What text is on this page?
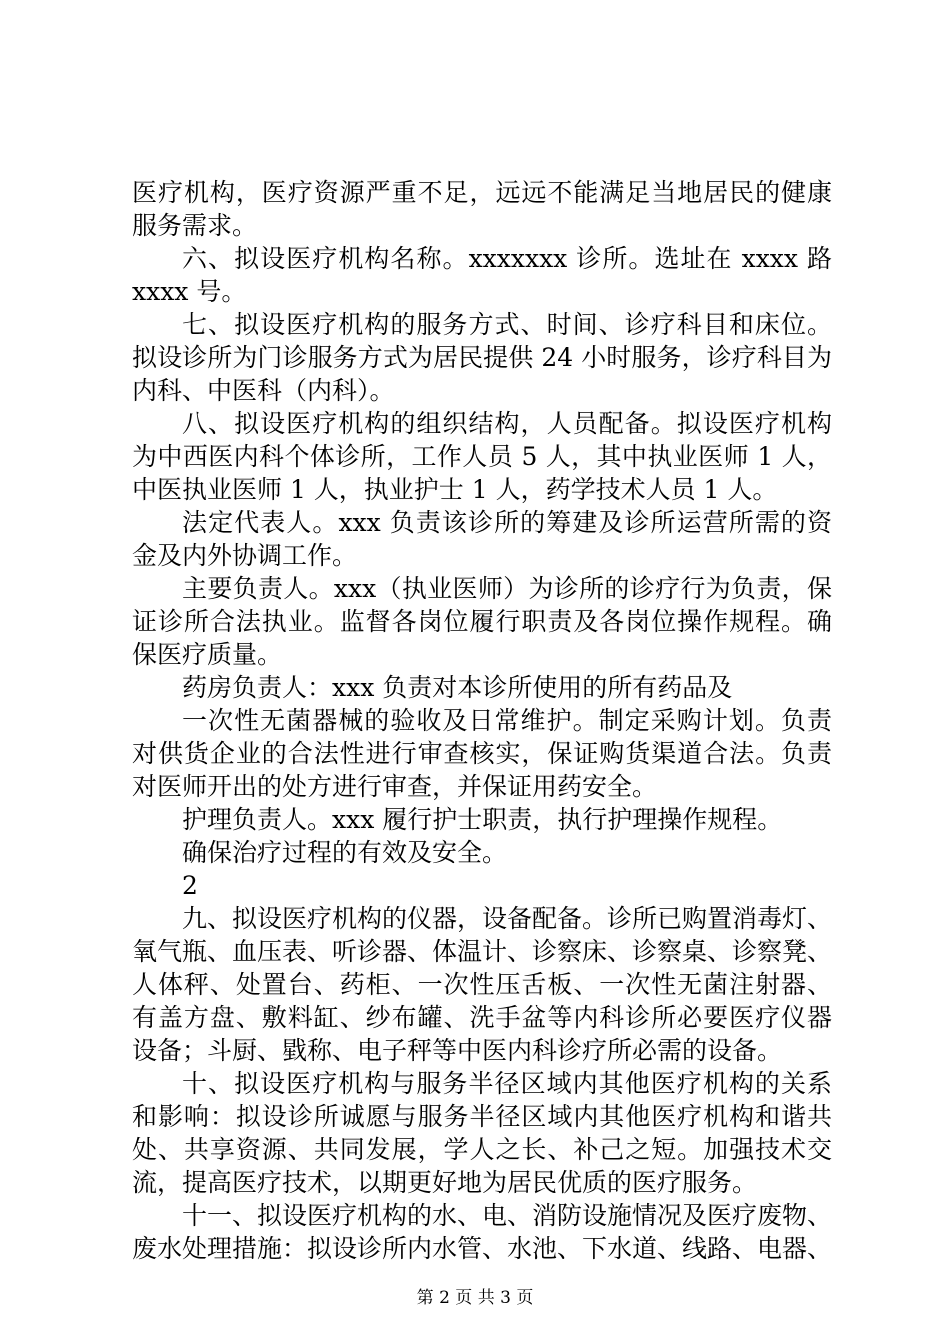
医疗机构，医疗资源严重不足，远远不能满足当地居民的健康
服务需求。
六、拟设医疗机构名称。xxxxxxx 诊所。选址在 xxxx 路
xxxx 号。
七、拟设医疗机构的服务方式、时间、诊疗科目和床位。
拟设诊所为门诊服务方式为居民提供 24 小时服务，诊疗科目为
内科、中医科（内科）。
八、拟设医疗机构的组织结构，人员配备。拟设医疗机构
为中西医内科个体诊所，工作人员 5 人，其中执业医师 1 人，
中医执业医师 1 人，执业护士 1 人，药学技术人员 1 人。
法定代表人。xxx 负责该诊所的筹建及诊所运营所需的资
金及内外协调工作。
主要负责人。xxx（执业医师）为诊所的诊疗行为负责，保
证诊所合法执业。监督各岗位履行职责及各岗位操作规程。确
保医疗质量。
药房负责人：xxx 负责对本诊所使用的所有药品及
一次性无菌器械的验收及日常维护。制定采购计划。负责
对供货企业的合法性进行审查核实，保证购货渠道合法。负责
对医师开出的处方进行审查，并保证用药安全。
护理负责人。xxx 履行护士职责，执行护理操作规程。
确保治疗过程的有效及安全。
2
九、拟设医疗机构的仪器，设备配备。诊所已购置消毒灯、
氧气瓶、血压表、听诊器、体温计、诊察床、诊察桌、诊察凳、
人体秤、处置台、药柜、一次性压舌板、一次性无菌注射器、
有盖方盘、敷料缸、纱布罐、洗手盆等内科诊所必要医疗仪器
设备；斗厨、戥称、电子秤等中医内科诊疗所必需的设备。
十、拟设医疗机构与服务半径区域内其他医疗机构的关系
和影响：拟设诊所诚愿与服务半径区域内其他医疗机构和谐共
处、共享资源、共同发展，学人之长、补己之短。加强技术交
流，提高医疗技术，以期更好地为居民优质的医疗服务。
十一、拟设医疗机构的水、电、消防设施情况及医疗废物、
废水处理措施：拟设诊所内水管、水池、下水道、线路、电器、
第 2 页 共 3 页
